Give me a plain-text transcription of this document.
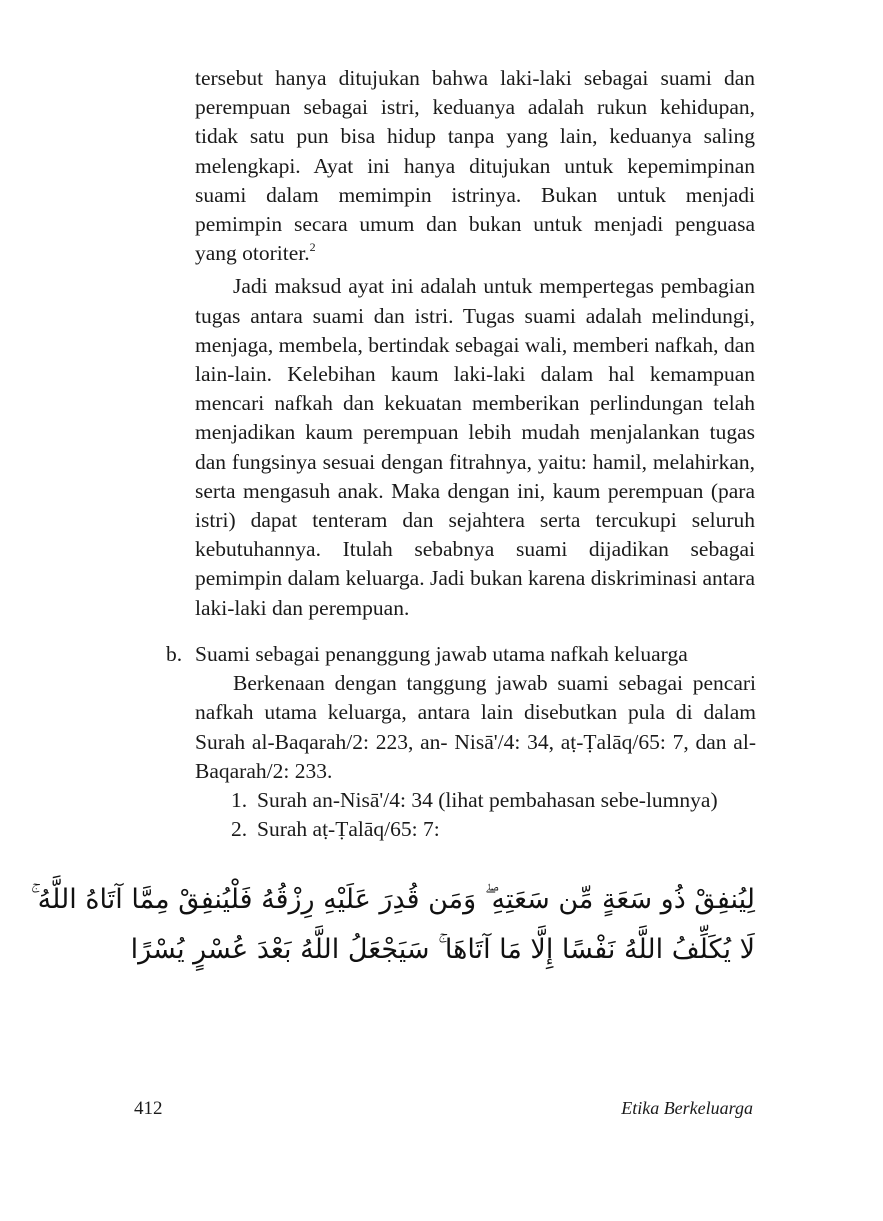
tersebut hanya ditujukan bahwa laki-laki sebagai suami dan perempuan sebagai istri, keduanya adalah rukun kehidupan, tidak satu pun bisa hidup tanpa yang lain, keduanya saling melengkapi. Ayat ini hanya ditujukan untuk kepemimpinan suami dalam memimpin istrinya. Bukan untuk menjadi pemimpin secara umum dan bukan untuk menjadi penguasa yang otoriter.$^2$

Jadi maksud ayat ini adalah untuk mempertegas pembagian tugas antara suami dan istri. Tugas suami adalah melindungi, menjaga, membela, bertindak sebagai wali, memberi nafkah, dan lain-lain. Kelebihan kaum laki-laki dalam hal kemampuan mencari nafkah dan kekuatan memberikan perlindungan telah menjadikan kaum perempuan lebih mudah menjalankan tugas dan fungsinya sesuai dengan fitrahnya, yaitu: hamil, melahirkan, serta mengasuh anak. Maka dengan ini, kaum perempuan (para istri) dapat tenteram dan sejahtera serta tercukupi seluruh kebutuhannya. Itulah sebabnya suami dijadikan sebagai pemimpin dalam keluarga. Jadi bukan karena diskriminasi antara laki-laki dan perempuan.

b. Suami sebagai penanggung jawab utama nafkah keluarga

Berkenaan dengan tanggung jawab suami sebagai pencari nafkah utama keluarga, antara lain disebutkan pula di dalam Surah al-Baqarah/2: 223, an- Nisā'/4: 34, aṭ-Ṭalāq/65: 7, dan al-Baqarah/2: 233.

1. Surah an-Nisā'/4: 34 (lihat pembahasan sebe-lumnya)
2. Surah aṭ-Ṭalāq/65: 7:
لِيُنفِقْ ذُو سَعَةٍ مِّن سَعَتِهِ ۖ وَمَن قُدِرَ عَلَيْهِ رِزْقُهُ فَلْيُنفِقْ مِمَّا آتَاهُ اللَّهُ ۚ
لَا يُكَلِّفُ اللَّهُ نَفْسًا إِلَّا مَا آتَاهَا ۚ سَيَجْعَلُ اللَّهُ بَعْدَ عُسْرٍ يُسْرًا
412	Etika Berkeluarga
